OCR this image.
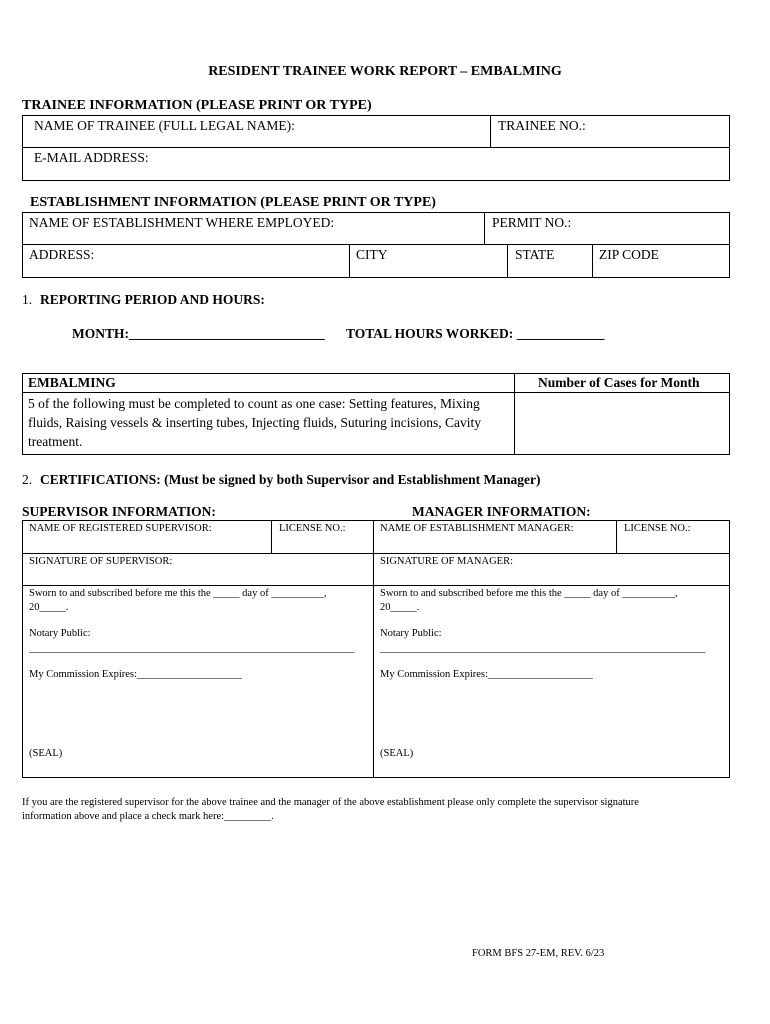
RESIDENT TRAINEE WORK REPORT – EMBALMING
TRAINEE INFORMATION (PLEASE PRINT OR TYPE)
NAME OF TRAINEE (FULL LEGAL NAME):	TRAINEE NO.:
E-MAIL ADDRESS:
ESTABLISHMENT INFORMATION (PLEASE PRINT OR TYPE)
NAME OF ESTABLISHMENT WHERE EMPLOYED:	PERMIT NO.:
ADDRESS:	CITY	STATE	ZIP CODE
1. REPORTING PERIOD AND HOURS:
MONTH:_____________________________ TOTAL HOURS WORKED: _____________
EMBALMING	Number of Cases for Month
5 of the following must be completed to count as one case: Setting features, Mixing
fluids, Raising vessels & inserting tubes, Injecting fluids, Suturing incisions, Cavity
treatment.
2. CERTIFICATIONS: (Must be signed by both Supervisor and Establishment Manager)
SUPERVISOR INFORMATION:	MANAGER INFORMATION:
NAME OF REGISTERED SUPERVISOR:	LICENSE NO.:
SIGNATURE OF SUPERVISOR:
Sworn to and subscribed before me this the _____ day of __________,
20_____.
Notary Public:
______________________________________________________________
My Commission Expires:____________________
(SEAL)
NAME OF ESTABLISHMENT MANAGER:	LICENSE NO.:
SIGNATURE OF MANAGER:
Sworn to and subscribed before me this the _____ day of __________,
20_____.
Notary Public:
______________________________________________________________
My Commission Expires:____________________
(SEAL)
If you are the registered supervisor for the above trainee and the manager of the above establishment please only complete the supervisor signature
information above and place a check mark here:_________.
FORM BFS 27-EM, REV. 6/23
